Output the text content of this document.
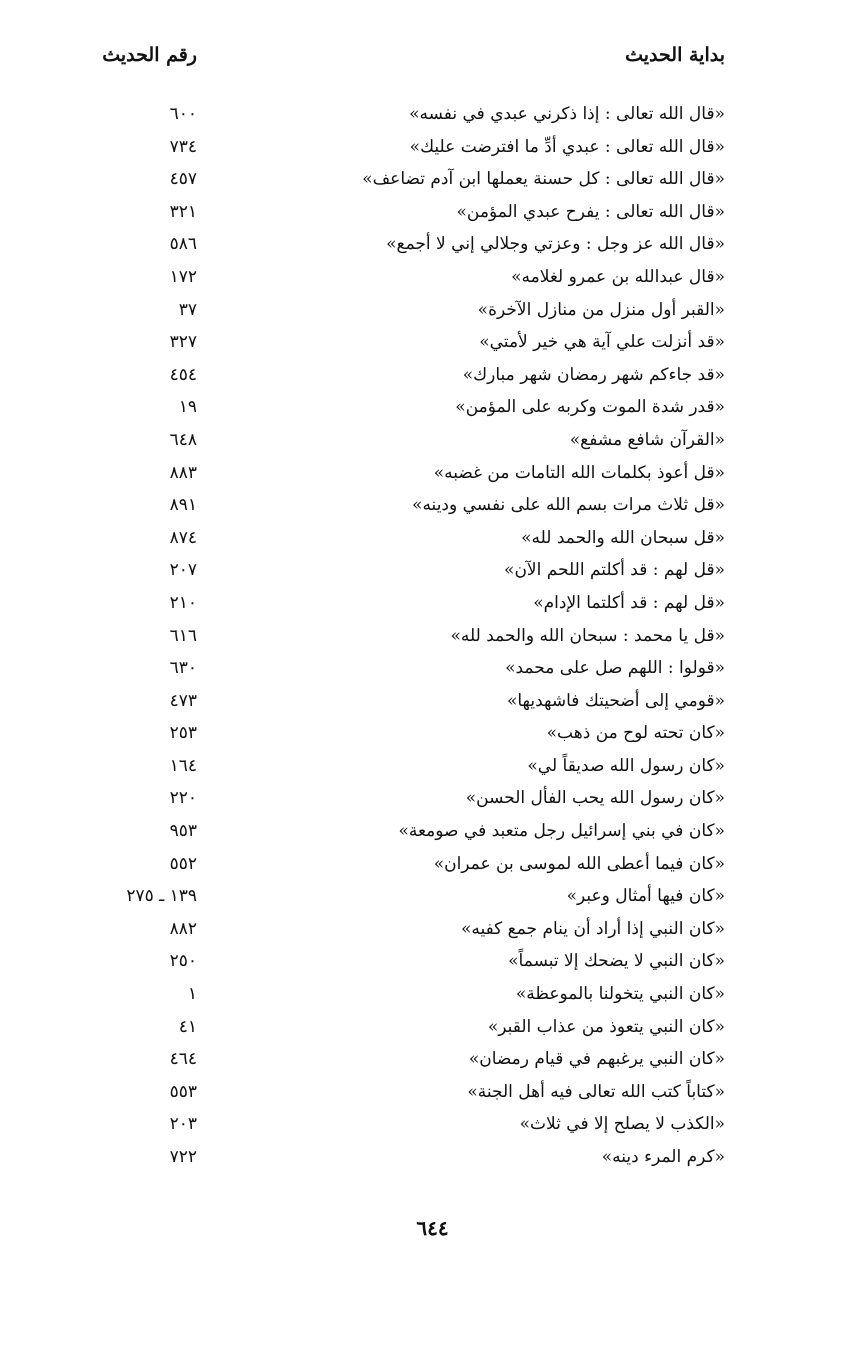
بداية الحديث
رقم الحديث
«قال الله تعالى : إذا ذكرني عبدي في نفسه»
٦٠٠
«قال الله تعالى : عبدي أدِّ ما افترضت عليك»
٧٣٤
«قال الله تعالى : كل حسنة يعملها ابن آدم تضاعف»
٤٥٧
«قال الله تعالى : يفرح عبدي المؤمن»
٣٢١
«قال الله عز وجل : وعزتي وجلالي إني لا أجمع»
٥٨٦
«قال عبدالله بن عمرو لغلامه»
١٧٢
«القبر أول منزل من منازل الآخرة»
٣٧
«قد أنزلت علي آية هي خير لأمتي»
٣٢٧
«قد جاءكم شهر رمضان شهر مبارك»
٤٥٤
«قدر شدة الموت وكربه على المؤمن»
١٩
«القرآن شافع مشفع»
٦٤٨
«قل أعوذ بكلمات الله التامات من غضبه»
٨٨٣
«قل ثلاث مرات بسم الله على نفسي ودينه»
٨٩١
«قل سبحان الله والحمد لله»
٨٧٤
«قل لهم : قد أكلتم اللحم الآن»
٢٠٧
«قل لهم : قد أكلتما الإدام»
٢١٠
«قل يا محمد : سبحان الله والحمد لله»
٦١٦
«قولوا : اللهم صل على محمد»
٦٣٠
«قومي إلى أضحيتك فاشهديها»
٤٧٣
«كان تحته لوح من ذهب»
٢٥٣
«كان رسول الله صديقاً لي»
١٦٤
«كان رسول الله يحب الفأل الحسن»
٢٢٠
«كان في بني إسرائيل رجل متعبد في صومعة»
٩٥٣
«كان فيما أعطى الله لموسى بن عمران»
٥٥٢
«كان فيها أمثال وعبر»
١٣٩ ـ ٢٧٥
«كان النبي إذا أراد أن ينام جمع كفيه»
٨٨٢
«كان النبي لا يضحك إلا تبسماً»
٢٥٠
«كان النبي يتخولنا بالموعظة»
١
«كان النبي يتعوذ من عذاب القبر»
٤١
«كان النبي يرغبهم في قيام رمضان»
٤٦٤
«كتاباً كتب الله تعالى فيه أهل الجنة»
٥٥٣
«الكذب لا يصلح إلا في ثلاث»
٢٠٣
«كرم المرء دينه»
٧٢٢
٦٤٤
